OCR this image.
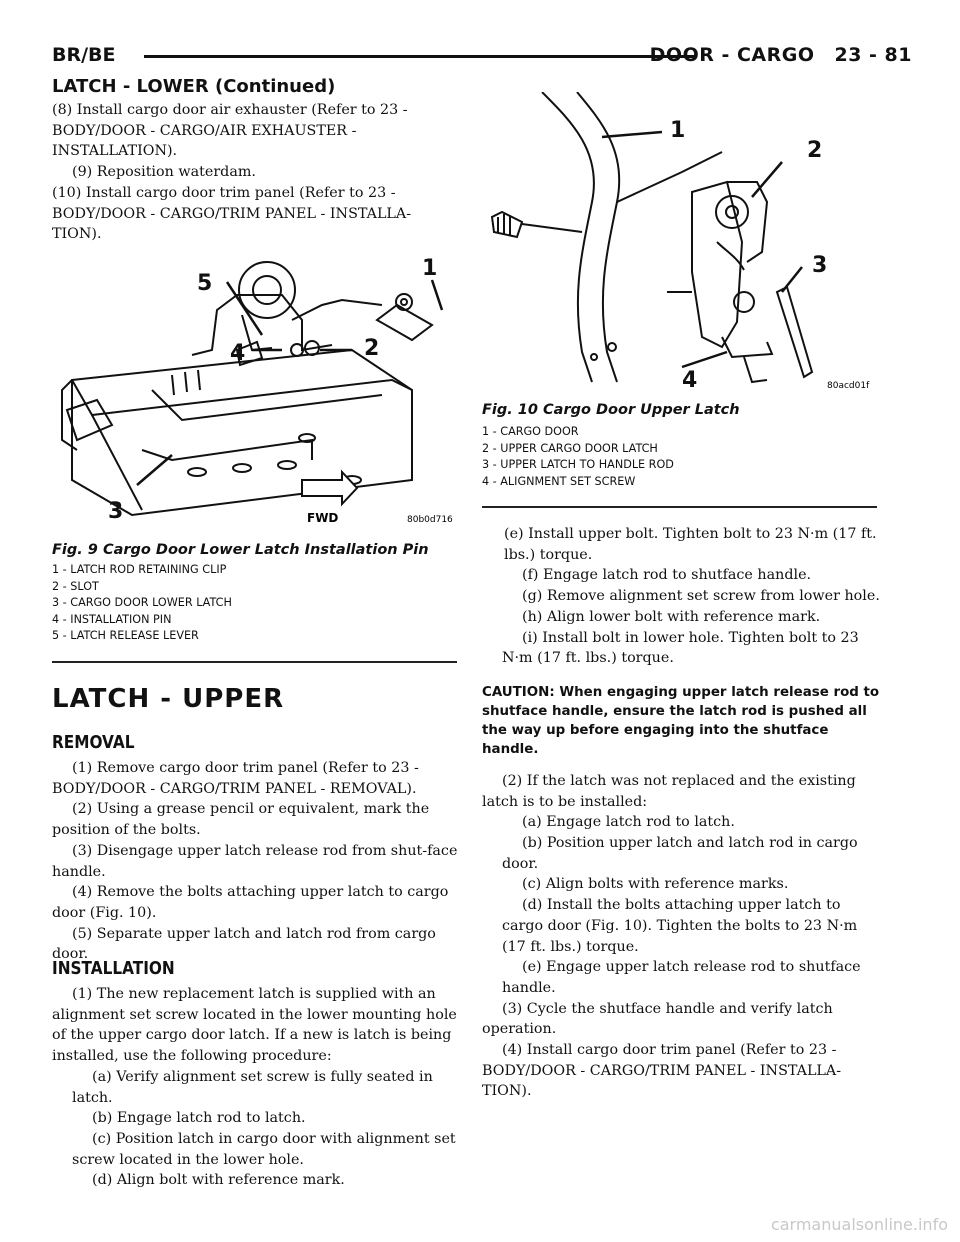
BR/BE	DOOR - CARGO 23 - 81
LATCH - LOWER (Continued)

(8) Install cargo door air exhauster (Refer to 23 - BODY/DOOR - CARGO/AIR EXHAUSTER - INSTALLATION).

(9) Reposition waterdam.

(10) Install cargo door trim panel (Refer to 23 - BODY/DOOR - CARGO/TRIM PANEL - INSTALLA-TION).

1
2
3
4
5
FWD	80b0d716
Fig. 9 Cargo Door Lower Latch Installation Pin
1 - LATCH ROD RETAINING CLIP
2 - SLOT
3 - CARGO DOOR LOWER LATCH
4 - INSTALLATION PIN
5 - LATCH RELEASE LEVER
LATCH - UPPER
REMOVAL

(1) Remove cargo door trim panel (Refer to 23 - BODY/DOOR - CARGO/TRIM PANEL - REMOVAL).

(2) Using a grease pencil or equivalent, mark the position of the bolts.

(3) Disengage upper latch release rod from shut-face handle.

(4) Remove the bolts attaching upper latch to cargo door (Fig. 10).

(5) Separate upper latch and latch rod from cargo door.

INSTALLATION

(1) The new replacement latch is supplied with an alignment set screw located in the lower mounting hole of the upper cargo door latch. If a new is latch is being installed, use the following procedure:

(a) Verify alignment set screw is fully seated in latch.

(b) Engage latch rod to latch.

(c) Position latch in cargo door with alignment set screw located in the lower hole.

(d) Align bolt with reference mark.

1
2
3
4	80acd01f
Fig. 10 Cargo Door Upper Latch
1 - CARGO DOOR
2 - UPPER CARGO DOOR LATCH
3 - UPPER LATCH TO HANDLE ROD
4 - ALIGNMENT SET SCREW

(e) Install upper bolt. Tighten bolt to 23 N·m (17 ft. lbs.) torque.

(f) Engage latch rod to shutface handle.

(g) Remove alignment set screw from lower hole.

(h) Align lower bolt with reference mark.

(i) Install bolt in lower hole. Tighten bolt to 23 N·m (17 ft. lbs.) torque.

CAUTION: When engaging upper latch release rod to shutface handle, ensure the latch rod is pushed all the way up before engaging into the shutface handle.

(2) If the latch was not replaced and the existing latch is to be installed:

(a) Engage latch rod to latch.

(b) Position upper latch and latch rod in cargo door.

(c) Align bolts with reference marks.

(d) Install the bolts attaching upper latch to cargo door (Fig. 10). Tighten the bolts to 23 N·m (17 ft. lbs.) torque.

(e) Engage upper latch release rod to shutface handle.

(3) Cycle the shutface handle and verify latch operation.

(4) Install cargo door trim panel (Refer to 23 - BODY/DOOR - CARGO/TRIM PANEL - INSTALLA-TION).

carmanualsonline.info
